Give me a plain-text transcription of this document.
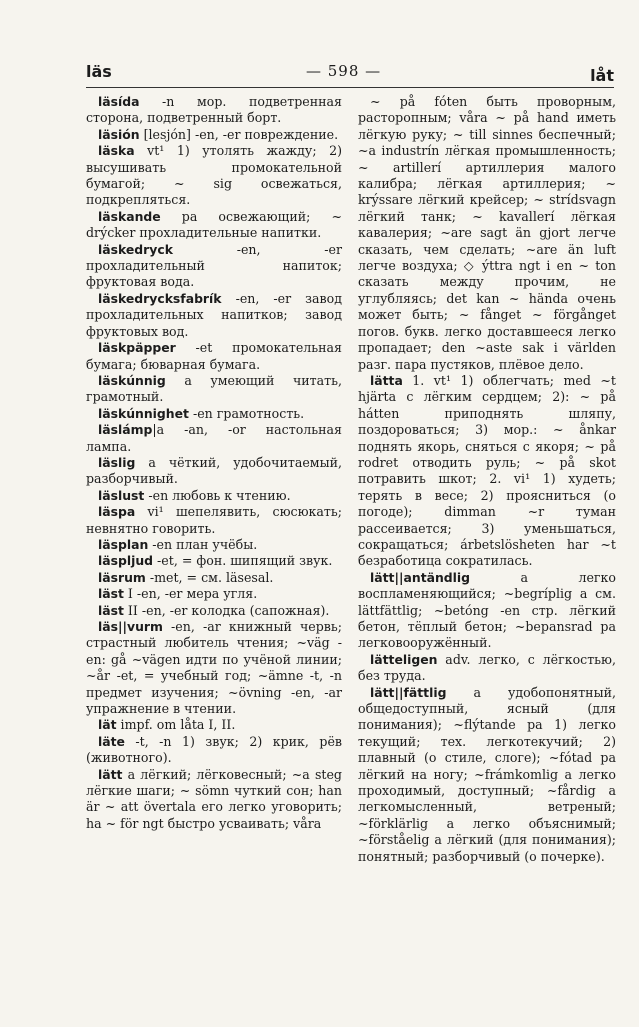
läs	— 598 —	låt
läsída -n мор. подветренная сторона, подветренный борт.
läsión [lesjón] -en, -er повреждение.
läska vt¹ 1) утолять жажду; 2) высушивать промокательной бумагой; ~ sig освежаться, подкрепляться.
läskande pa освежающий; ~ drýcker прохладительные напитки.
läskedryck -en, -er прохладительный напиток; фруктовая вода.
läskedrycksfabrík -en, -er завод прохладительных напитков; завод фруктовых вод.
läskpäpper -et промокательная бумага; бюварная бумага.
läskúnnig a умеющий читать, грамотный.
läskúnnighet -en грамотность.
läslámp|a -an, -or настольная лампа.
läslig a чёткий, удобочитаемый, разборчивый.
läslust -en любовь к чтению.
läspa vi¹ шепелявить, сюсюкать; невнятно говорить.
läsplan -en план учёбы.
läspljud -et, = фон. шипящий звук.
läsrum -met, = см. läsesal.
läst I -en, -er мера угля.
läst II -en, -er колодка (сапожная).
läs||vurm -en, -ar книжный червь; страстный любитель чтения; ~väg -en: gå ~vägen идти по учёной линии; ~år -et, = учебный год; ~ämne -t, -n предмет изучения; ~övning -en, -ar упражнение в чтении.
lät impf. om låta I, II.
läte -t, -n 1) звук; 2) крик, рёв (животного).
lätt a лёгкий; лёгковесный; ~a steg лёгкие шаги; ~ sömn чуткий сон; han är ~ att övertala его легко уговорить; ha ~ för ngt быстро усваивать; våra
~ på fóten быть проворным, расторопным; våra ~ på hand иметь лёгкую руку; ~ till sinnes беспечный; ~a industrín лёгкая промышленность; ~ artillerí артиллерия малого калибра; лёгкая артиллерия; ~ krýssare лёгкий крейсер; ~ strídsvagn лёгкий танк; ~ kavallerí лёгкая кавалерия; ~are sagt än gjort легче сказать, чем сделать; ~are än luft легче воздуха; ◇ ýttra ngt i en ~ ton сказать между прочим, не углубляясь; det kan ~ hända очень может быть; ~ fånget ~ förgånget погов. букв. легко доставшееся легко пропадает; den ~aste sak i världen разг. пара пустяков, плёвое дело.
lätta 1. vt¹ 1) облегчать; med ~t hjärta с лёгким сердцем; 2): ~ på hátten приподнять шляпу, поздороваться; 3) мор.: ~ ånkar поднять якорь, сняться с якоря; ~ på rodret отводить руль; ~ på skot потравить шкот; 2. vi¹ 1) худеть; терять в весе; 2) проясниться (о погоде); dimman ~r туман рассеивается; 3) уменьшаться, сокращаться; árbetslösheten har ~t безработица сократилась.
lätt||antändlig a легко воспламеняющийся; ~begríplig a см. lättfättlig; ~betóng -en стр. лёгкий бетон, тёплый бетон; ~bepansrad pa легковооружённый.
lätteligen adv. легко, с лёгкостью, без труда.
lätt||fättlig a удобопонятный, общедоступный, ясный (для понимания); ~flýtande pa 1) легко текущий; тех. легкотекучий; 2) плавный (о стиле, слоге); ~fótad pa лёгкий на ногу; ~frámkomlig a легко проходимый, доступный; ~fårdig a легкомысленный, ветреный; ~förklärlig a легко объяснимый; ~förståelig a лёгкий (для понимания); понятный; разборчивый (о почерке).
